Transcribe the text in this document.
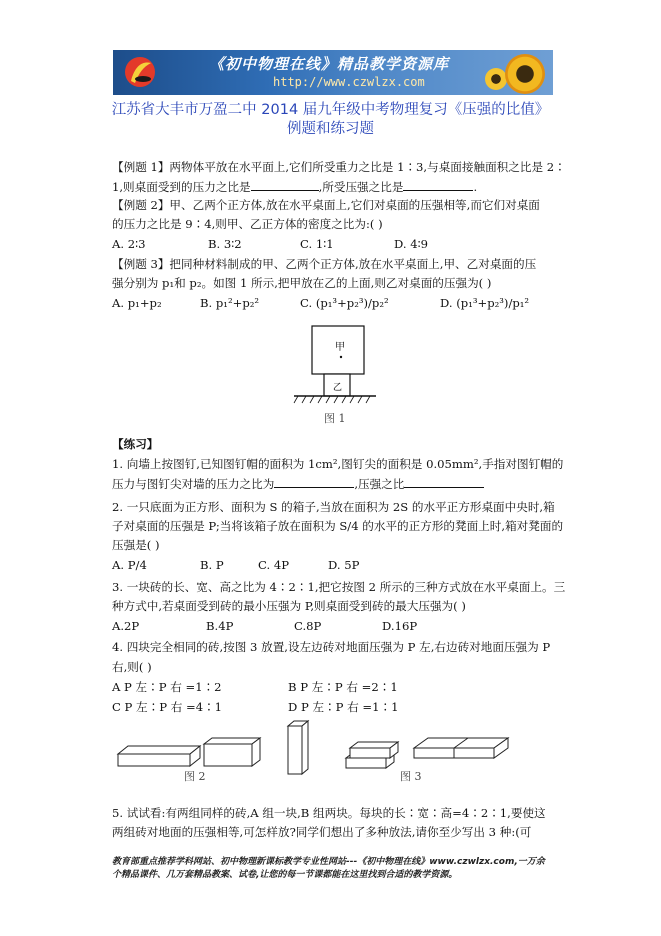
《初中物理在线》精品教学资源库
http://www.czwlzx.com
江苏省大丰市万盈二中 2014 届九年级中考物理复习《压强的比值》
例题和练习题
【例题 1】两物体平放在水平面上,它们所受重力之比是 1∶3,与桌面接触面积之比是 2∶
1,则桌面受到的压力之比是	,所受压强之比是	.
【例题 2】甲、乙两个正方体,放在水平桌面上,它们对桌面的压强相等,而它们对桌面
的压力之比是 9∶4,则甲、乙正方体的密度之比为:( )
A. 2∶3	B. 3∶2	C. 1∶1	D. 4∶9
【例题 3】把同种材料制成的甲、乙两个正方体,放在水平桌面上,甲、乙对桌面的压
强分别为 p₁和 p₂。如图 1 所示,把甲放在乙的上面,则乙对桌面的压强为( )
A. p₁+p₂	B. p₁²+p₂²	C. (p₁³+p₂³)/p₂²	D. (p₁³+p₂³)/p₁²
甲
乙
图 1
【练习】
1. 向墙上按图钉,已知图钉帽的面积为 1cm²,图钉尖的面积是 0.05mm²,手指对图钉帽的
压力与图钉尖对墙的压力之比为	,压强之比
2. 一只底面为正方形、面积为 S 的箱子,当放在面积为 2S 的水平正方形桌面中央时,箱
子对桌面的压强是 P;当将该箱子放在面积为 S/4 的水平的正方形的凳面上时,箱对凳面的
压强是( )
A. P/4	B. P	C. 4P	D. 5P
3. 一块砖的长、宽、高之比为 4∶2∶1,把它按图 2 所示的三种方式放在水平桌面上。三
种方式中,若桌面受到砖的最小压强为 P,则桌面受到砖的最大压强为( )
A.2P	B.4P	C.8P	D.16P
4. 四块完全相同的砖,按图 3 放置,设左边砖对地面压强为 P 左,右边砖对地面压强为 P
右,则( )
A P 左∶P 右 =1∶2	B P 左∶P 右 =2∶1
C P 左∶P 右 =4∶1	D P 左∶P 右 =1∶1
图 2	图 3
5. 试试看:有两组同样的砖,A 组一块,B 组两块。每块的长∶宽∶高=4∶2∶1,要使这
两组砖对地面的压强相等,可怎样放?同学们想出了多种放法,请你至少写出 3 种:(可
教育部重点推荐学科网站、初中物理新课标教学专业性网站---《初中物理在线》www.czwlzx.com,一万余
个精品课件、几万套精品教案、试卷,让您的每一节课都能在这里找到合适的教学资源。
